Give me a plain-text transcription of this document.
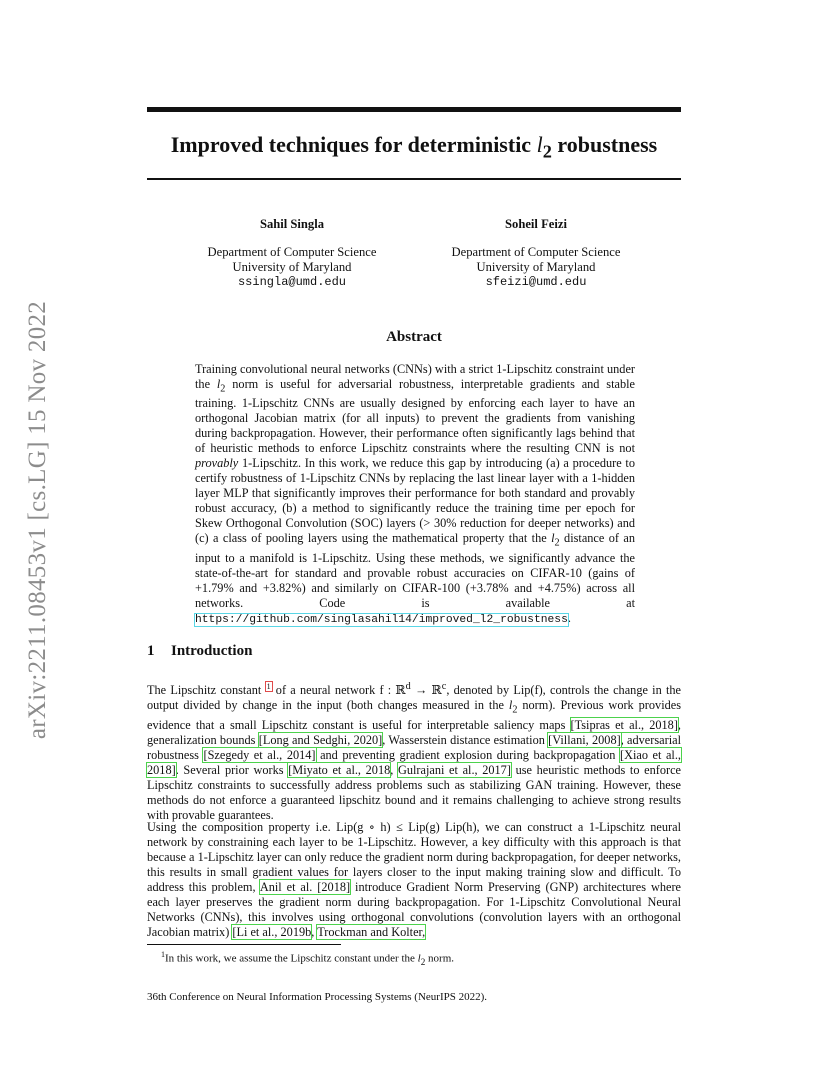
arXiv:2211.08453v1 [cs.LG] 15 Nov 2022
Improved techniques for deterministic $l_2$ robustness
Sahil Singla
Department of Computer Science
University of Maryland
ssingla@umd.edu
Soheil Feizi
Department of Computer Science
University of Maryland
sfeizi@umd.edu
Abstract
Training convolutional neural networks (CNNs) with a strict 1-Lipschitz constraint under the $l_2$ norm is useful for adversarial robustness, interpretable gradients and stable training. 1-Lipschitz CNNs are usually designed by enforcing each layer to have an orthogonal Jacobian matrix (for all inputs) to prevent the gradients from vanishing during backpropagation. However, their performance often significantly lags behind that of heuristic methods to enforce Lipschitz constraints where the resulting CNN is not provably 1-Lipschitz. In this work, we reduce this gap by introducing (a) a procedure to certify robustness of 1-Lipschitz CNNs by replacing the last linear layer with a 1-hidden layer MLP that significantly improves their performance for both standard and provably robust accuracy, (b) a method to significantly reduce the training time per epoch for Skew Orthogonal Convolution (SOC) layers (> 30% reduction for deeper networks) and (c) a class of pooling layers using the mathematical property that the $l_2$ distance of an input to a manifold is 1-Lipschitz. Using these methods, we significantly advance the state-of-the-art for standard and provable robust accuracies on CIFAR-10 (gains of +1.79% and +3.82%) and similarly on CIFAR-100 (+3.78% and +4.75%) across all networks. Code is available at https://github.com/singlasahil14/improved_l2_robustness.
1 Introduction
The Lipschitz constant $^1$ of a neural network f : ℝ$^d$ → ℝ$^c$, denoted by Lip(f), controls the change in the output divided by change in the input (both changes measured in the $l_2$ norm). Previous work provides evidence that a small Lipschitz constant is useful for interpretable saliency maps [Tsipras et al., 2018], generalization bounds [Long and Sedghi, 2020], Wasserstein distance estimation [Villani, 2008], adversarial robustness [Szegedy et al., 2014] and preventing gradient explosion during backpropagation [Xiao et al., 2018]. Several prior works [Miyato et al., 2018, Gulrajani et al., 2017] use heuristic methods to enforce Lipschitz constraints to successfully address problems such as stabilizing GAN training. However, these methods do not enforce a guaranteed lipschitz bound and it remains challenging to achieve strong results with provable guarantees.
Using the composition property i.e. Lip(g ∘ h) ≤ Lip(g) Lip(h), we can construct a 1-Lipschitz neural network by constraining each layer to be 1-Lipschitz. However, a key difficulty with this approach is that because a 1-Lipschitz layer can only reduce the gradient norm during backpropagation, for deeper networks, this results in small gradient values for layers closer to the input making training slow and difficult. To address this problem, Anil et al. [2018] introduce Gradient Norm Preserving (GNP) architectures where each layer preserves the gradient norm during backpropagation. For 1-Lipschitz Convolutional Neural Networks (CNNs), this involves using orthogonal convolutions (convolution layers with an orthogonal Jacobian matrix) [Li et al., 2019b, Trockman and Kolter,
$^1$In this work, we assume the Lipschitz constant under the $l_2$ norm.
36th Conference on Neural Information Processing Systems (NeurIPS 2022).
